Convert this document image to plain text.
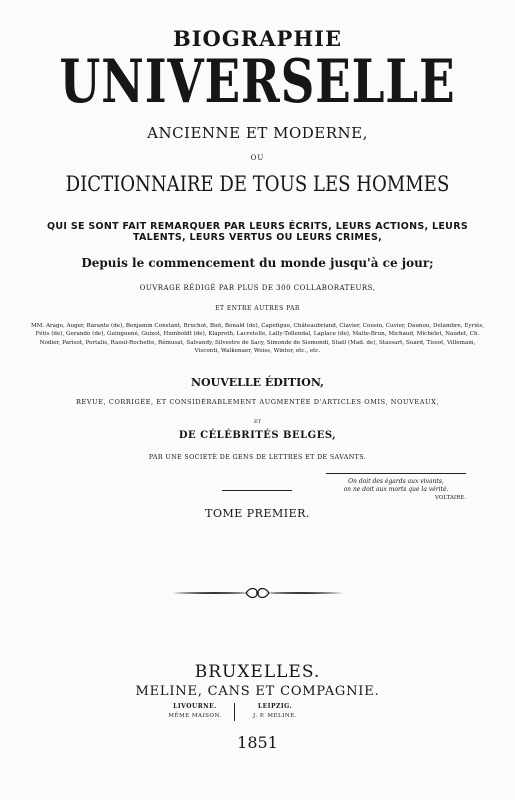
BIOGRAPHIE
UNIVERSELLE
ANCIENNE ET MODERNE,
OU
DICTIONNAIRE DE TOUS LES HOMMES
QUI SE SONT FAIT REMARQUER PAR LEURS ÉCRITS, LEURS ACTIONS, LEURS TALENTS, LEURS VERTUS OU LEURS CRIMES,
Depuis le commencement du monde jusqu'à ce jour;
OUVRAGE RÉDIGÉ PAR PLUS DE 300 COLLABORATEURS,
ET ENTRE AUTRES PAR
MM. Arago, Auger, Barante (de), Benjamin Constant, Bruchot, Biot, Bonald (de), Capefigue, Châteaubriand, Clavier, Cousin, Cuvier, Daunou, Delambre, Eyriès, Fétis (de), Gerando (de), Guinguené, Guizot, Humboldt (de), Klaproth, Lacretelle, Lally-Tollendal, Laplace (de), Malte-Brun, Michaud, Michelet, Naudet, Ch. Nodier, Parisot, Portalis, Raoul-Rochette, Rémusat, Salvandy, Silvestre de Sacy, Simonde de Sismondi, Staël (Mad. de), Stassart, Suard, Tissot, Villemain, Visconti, Walkenaer, Weiss, Winter, etc., etc.
NOUVELLE ÉDITION,
REVUE, CORRIGÉE, ET CONSIDÉRABLEMENT AUGMENTÉE D'ARTICLES OMIS, NOUVEAUX,
ET
DE CÉLÉBRITÉS BELGES,
PAR UNE SOCIÉTÉ DE GENS DE LETTRES ET DE SAVANTS.
On doit des égards aux vivants,
on ne doit aux morts que la vérité.
VOLTAIRE.
TOME PREMIER.
BRUXELLES.
MELINE, CANS ET COMPAGNIE.
LIVOURNE.
MÊME MAISON.
LEIPZIG.
J. P. MELINE.
1851
